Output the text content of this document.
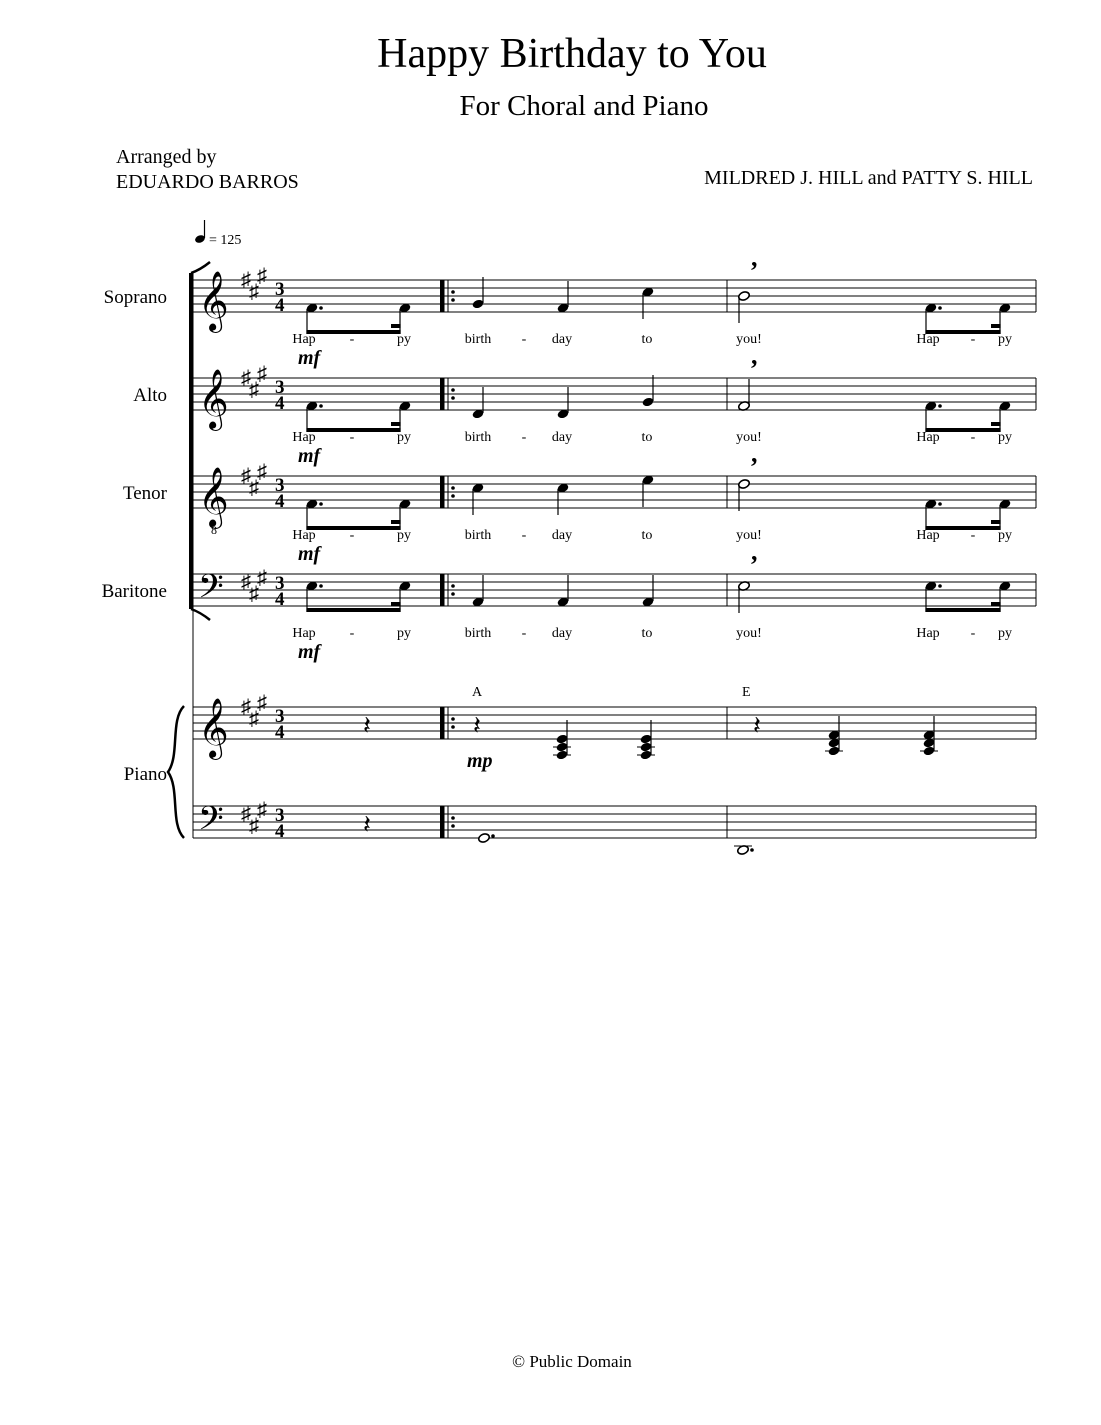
Happy Birthday to You
For Choral and Piano
Arranged by
EDUARDO BARROS	MILDRED J. HILL and PATTY S. HILL
© Public Domain
= 125
Soprano 𝄞 ♯
♯
♯
3
4
,
Hap -	py	birth - day	to	you!	Hap - py
mf
Alto 𝄞 ♯
♯
♯
3
4
,
Hap -	py	birth - day	to	you!	Hap - py
mf
Tenor 𝄞
8
♯
♯
♯
3
4
,
Hap -	py	birth - day	to	you!	Hap - py
mf
Baritone 𝄢 ♯
♯
♯ 3
4
,
Hap -	py	birth - day	to	you!	Hap - py
mf
Piano
𝄞 ♯
♯
♯
3
4	𝄽	𝄽	𝄽
A	E
mp
𝄢 ♯
♯
♯ 3
4	𝄽
